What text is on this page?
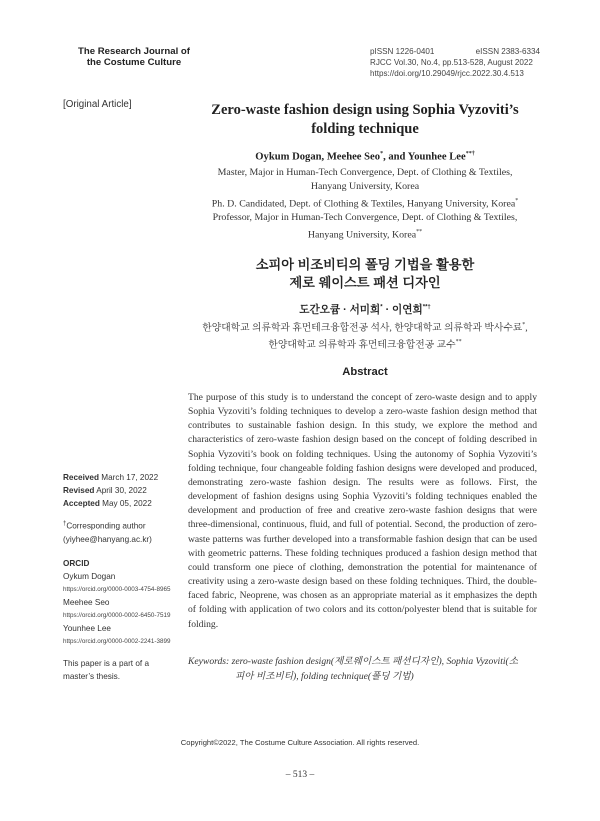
The Research Journal of
the Costume Culture
pISSN 1226-0401	eISSN 2383-6334
RJCC Vol.30, No.4, pp.513-528, August 2022
https://doi.org/10.29049/rjcc.2022.30.4.513
[Original Article]	Zero-waste fashion design using Sophia Vyzoviti’s
folding technique
Oykum Dogan, Meehee Seo*, and Younhee Lee**†
Master, Major in Human-Tech Convergence, Dept. of Clothing & Textiles,
Hanyang University, Korea
Ph. D. Candidated, Dept. of Clothing & Textiles, Hanyang University, Korea*
Professor, Major in Human-Tech Convergence, Dept. of Clothing & Textiles,
Hanyang University, Korea**
소피아 비조비티의 폴딩 기법을 활용한
제로 웨이스트 패션 디자인
도간오큠 · 서미희* · 이연희**†
한양대학교 의류학과 휴먼테크융합전공 석사, 한양대학교 의류학과 박사수료*,
한양대학교 의류학과 휴먼테크융합전공 교수**
Abstract
The purpose of this study is to understand the concept of zero-waste design and to apply Sophia Vyzoviti’s folding techniques to develop a zero-waste fashion design method that contributes to sustainable fashion design. In this study, we explore the method and characteristics of zero-waste fashion design based on the concept of folding described in Sophia Vyzoviti’s book on folding techniques. Using the autonomy of Sophia Vyzoviti’s folding technique, four changeable folding fashion designs were developed and produced, demonstrating zero-waste fashion design. The results were as follows. First, the development of fashion designs using Sophia Vyzoviti’s folding techniques enabled the development and production of free and creative zero-waste fashion designs that were three-dimensional, continuous, fluid, and full of potential. Second, the production of zero-waste patterns was further developed into a transformable fashion design that can be used with geometric patterns. These folding techniques produced a fashion design method that could transform one piece of clothing, demonstration the potential for maintenance of creativity using a zero-waste design based on these folding techniques. Third, the double-faced fabric, Neoprene, was chosen as an appropriate material as it emphasizes the depth of folding with application of two colors and its cotton/polyester blend that is suitable for folding.
Keywords: zero-waste fashion design(제로웨이스트 패션디자인), Sophia Vyzoviti(소
피아 비조비티), folding technique(폴딩 기법)
Received March 17, 2022
Revised April 30, 2022
Accepted May 05, 2022
†Corresponding author
(yiyhee@hanyang.ac.kr)
ORCID
Oykum Dogan
https://orcid.org/0000-0003-4754-8965
Meehee Seo
https://orcid.org/0000-0002-6450-7519
Younhee Lee
https://orcid.org/0000-0002-2241-3899
This paper is a part of a
master’s thesis.
Copyright©2022, The Costume Culture Association. All rights reserved.
– 513 –
